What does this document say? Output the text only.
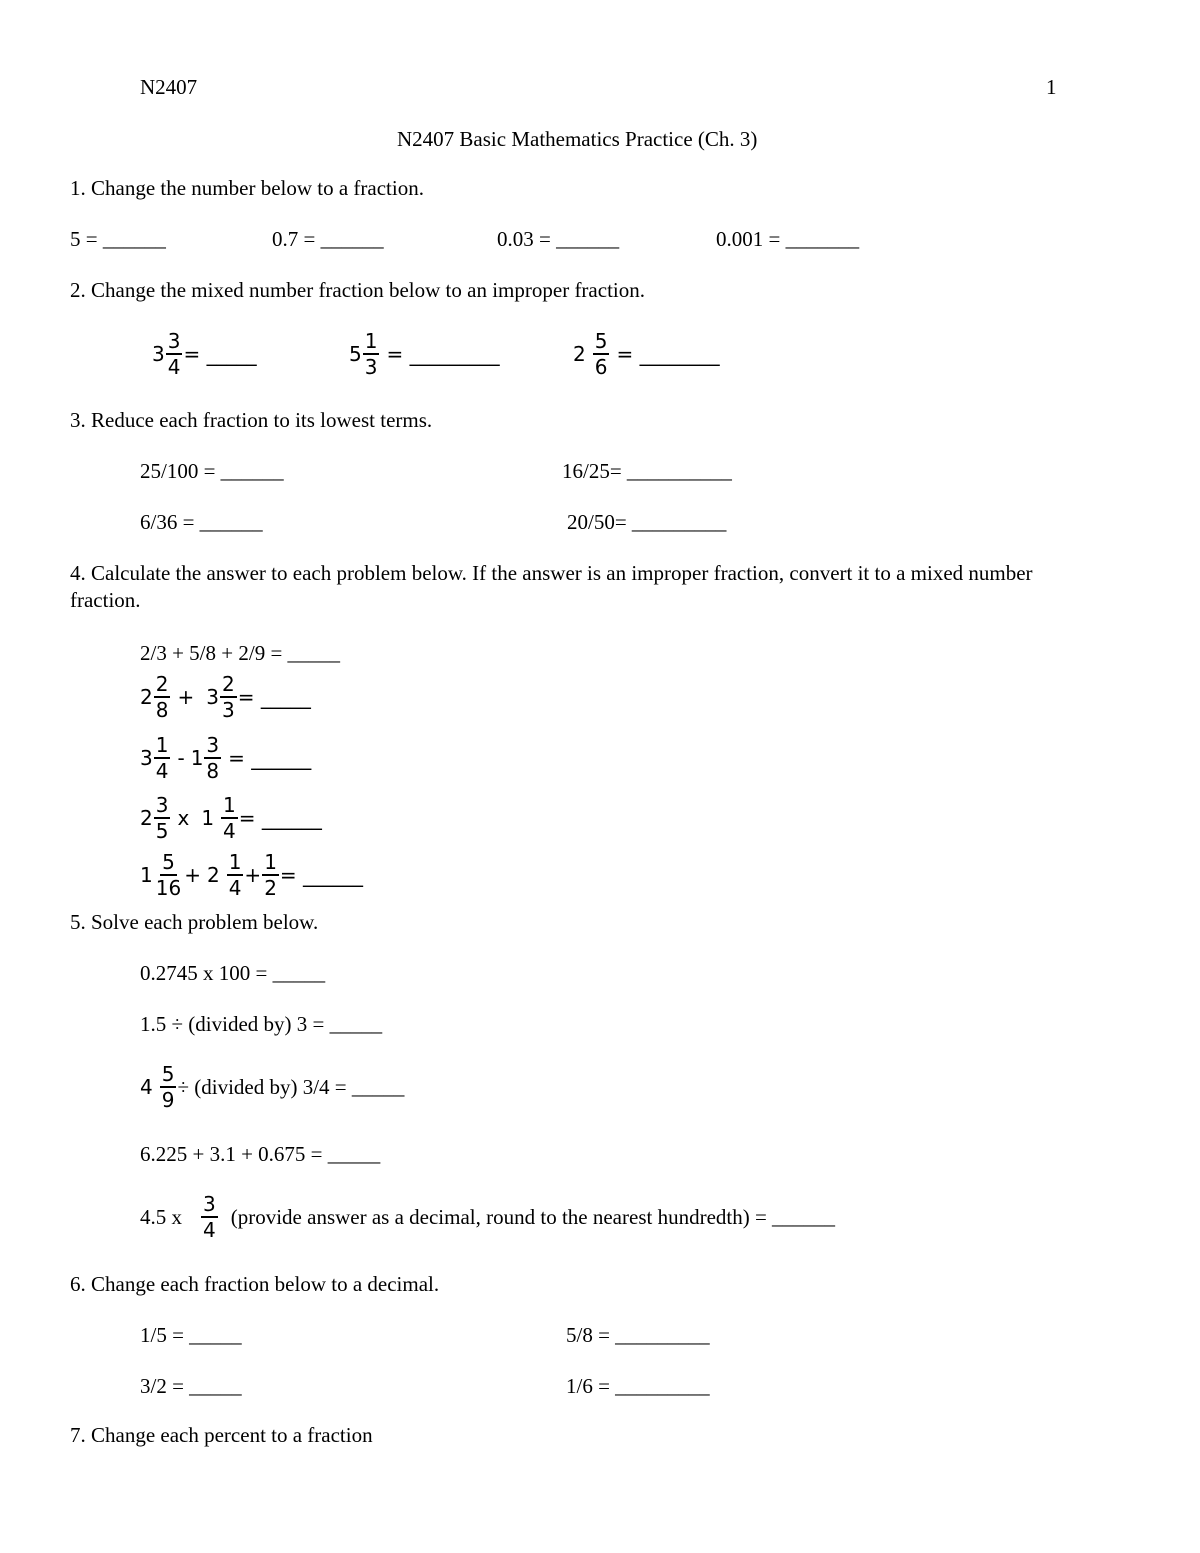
N2407	1
N2407 Basic Mathematics Practice (Ch. 3)
1. Change the number below to a fraction.
5 = ______	0.7 = ______	0.03 = ______	0.001 = _______
2. Change the mixed number fraction below to an improper fraction.
$3 \frac{3}{4}$ = _____	$5 \frac{1}{3}$ = _________	$2 \frac{5}{6}$ = ________
3. Reduce each fraction to its lowest terms.
25/100 = ______	16/25= __________
6/36 = ______	20/50= _________
4. Calculate the answer to each problem below. If the answer is an improper fraction, convert it to a mixed number fraction.
2/3 + 5/8 + 2/9 = _____
$2 \frac{2}{8} + 3 \frac{2}{3}$ = _____
$3 \frac{1}{4} - 1 \frac{3}{8}$ = ______
$2 \frac{3}{5}$ x $1 \frac{1}{4}$ = ______
$1 \frac{5}{16} + 2 \frac{1}{4} + \frac{1}{2}$ = ______
5. Solve each problem below.
0.2745 x 100 = _____
1.5 ÷ (divided by) 3 = _____
$4 \frac{5}{9}$ ÷ (divided by) 3/4 = _____
6.225 + 3.1 + 0.675 = _____
4.5 x $\frac{3}{4}$ (provide answer as a decimal, round to the nearest hundredth) = ______
6. Change each fraction below to a decimal.
1/5 = _____	5/8 = _________
3/2 = _____	1/6 = _________
7. Change each percent to a fraction
